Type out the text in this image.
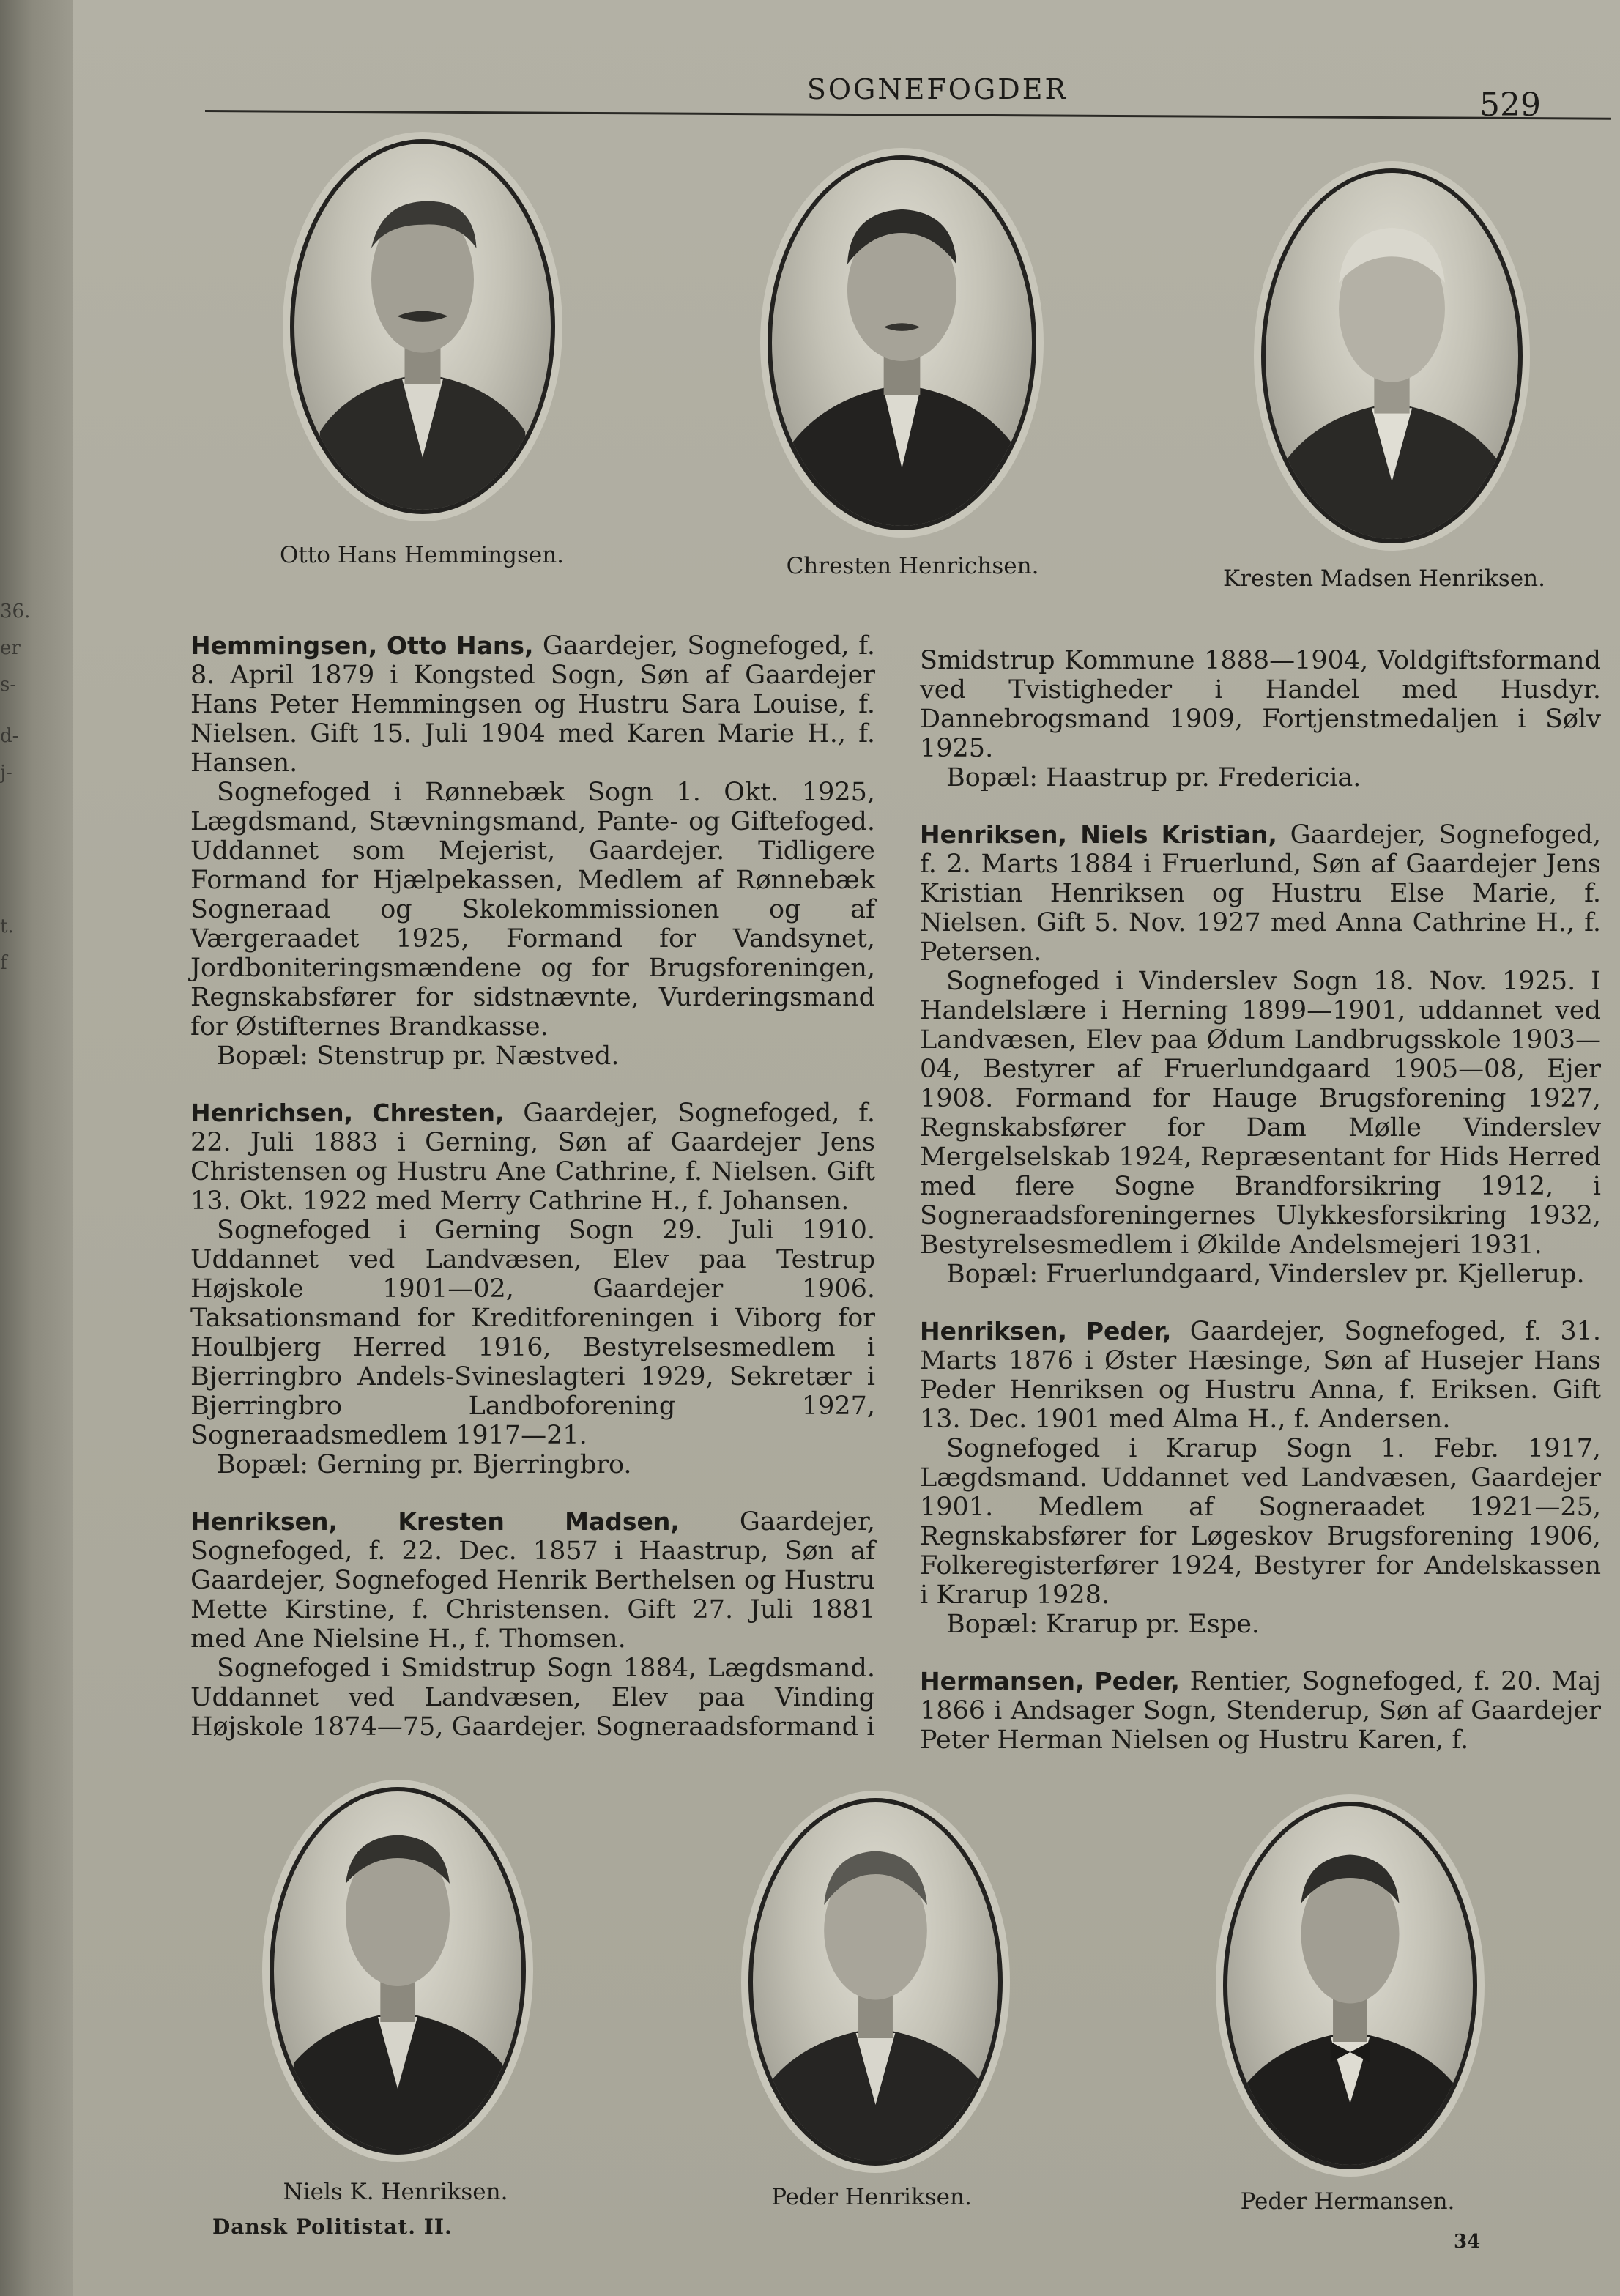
36.
er
s-
d-
j-
t.
f
SOGNEFOGDER	529
Otto Hans Hemmingsen.	Chresten Henrichsen.	Kresten Madsen Henriksen.

Hemmingsen, Otto Hans, Gaardejer, Sognefoged, f. 8. April 1879 i Kongsted Sogn, Søn af Gaardejer Hans Peter Hemmingsen og Hustru Sara Louise, f. Nielsen. Gift 15. Juli 1904 med Karen Marie H., f. Hansen.

Sognefoged i Rønnebæk Sogn 1. Okt. 1925, Lægdsmand, Stævningsmand, Pante- og Giftefoged. Uddannet som Mejerist, Gaardejer. Tidligere Formand for Hjælpekassen, Medlem af Rønnebæk Sogneraad og Skolekommissionen og af Værgeraadet 1925, Formand for Vandsynet, Jordboniteringsmændene og for Brugsforeningen, Regnskabsfører for sidstnævnte, Vurderingsmand for Østifternes Brandkasse.

Bopæl: Stenstrup pr. Næstved.

Henrichsen, Chresten, Gaardejer, Sognefoged, f. 22. Juli 1883 i Gerning, Søn af Gaardejer Jens Christensen og Hustru Ane Cathrine, f. Nielsen. Gift 13. Okt. 1922 med Merry Cathrine H., f. Johansen.

Sognefoged i Gerning Sogn 29. Juli 1910. Uddannet ved Landvæsen, Elev paa Testrup Højskole 1901—02, Gaardejer 1906. Taksationsmand for Kreditforeningen i Viborg for Houlbjerg Herred 1916, Bestyrelsesmedlem i Bjerringbro Andels-Svineslagteri 1929, Sekretær i Bjerringbro Landboforening 1927, Sogneraadsmedlem 1917—21.

Bopæl: Gerning pr. Bjerringbro.

Henriksen, Kresten Madsen, Gaardejer, Sognefoged, f. 22. Dec. 1857 i Haastrup, Søn af Gaardejer, Sognefoged Henrik Berthelsen og Hustru Mette Kirstine, f. Christensen. Gift 27. Juli 1881 med Ane Nielsine H., f. Thomsen.

Sognefoged i Smidstrup Sogn 1884, Lægdsmand. Uddannet ved Landvæsen, Elev paa Vinding Højskole 1874—75, Gaardejer. Sogneraadsformand i

Smidstrup Kommune 1888—1904, Voldgiftsformand ved Tvistigheder i Handel med Husdyr. Dannebrogsmand 1909, Fortjenstmedaljen i Sølv 1925.

Bopæl: Haastrup pr. Fredericia.

Henriksen, Niels Kristian, Gaardejer, Sognefoged, f. 2. Marts 1884 i Fruerlund, Søn af Gaardejer Jens Kristian Henriksen og Hustru Else Marie, f. Nielsen. Gift 5. Nov. 1927 med Anna Cathrine H., f. Petersen.

Sognefoged i Vinderslev Sogn 18. Nov. 1925. I Handelslære i Herning 1899—1901, uddannet ved Landvæsen, Elev paa Ødum Landbrugsskole 1903—04, Bestyrer af Fruerlundgaard 1905—08, Ejer 1908. Formand for Hauge Brugsforening 1927, Regnskabsfører for Dam Mølle Vinderslev Mergelselskab 1924, Repræsentant for Hids Herred med flere Sogne Brandforsikring 1912, i Sogneraadsforeningernes Ulykkesforsikring 1932, Bestyrelsesmedlem i Økilde Andelsmejeri 1931.

Bopæl: Fruerlundgaard, Vinderslev pr. Kjellerup.

Henriksen, Peder, Gaardejer, Sognefoged, f. 31. Marts 1876 i Øster Hæsinge, Søn af Husejer Hans Peder Henriksen og Hustru Anna, f. Eriksen. Gift 13. Dec. 1901 med Alma H., f. Andersen.

Sognefoged i Krarup Sogn 1. Febr. 1917, Lægdsmand. Uddannet ved Landvæsen, Gaardejer 1901. Medlem af Sogneraadet 1921—25, Regnskabsfører for Løgeskov Brugsforening 1906, Folkeregisterfører 1924, Bestyrer for Andelskassen i Krarup 1928.

Bopæl: Krarup pr. Espe.

Hermansen, Peder, Rentier, Sognefoged, f. 20. Maj 1866 i Andsager Sogn, Stenderup, Søn af Gaardejer Peter Herman Nielsen og Hustru Karen, f.

Niels K. Henriksen.	Peder Henriksen.	Peder Hermansen.
Dansk Politistat. II.
34
